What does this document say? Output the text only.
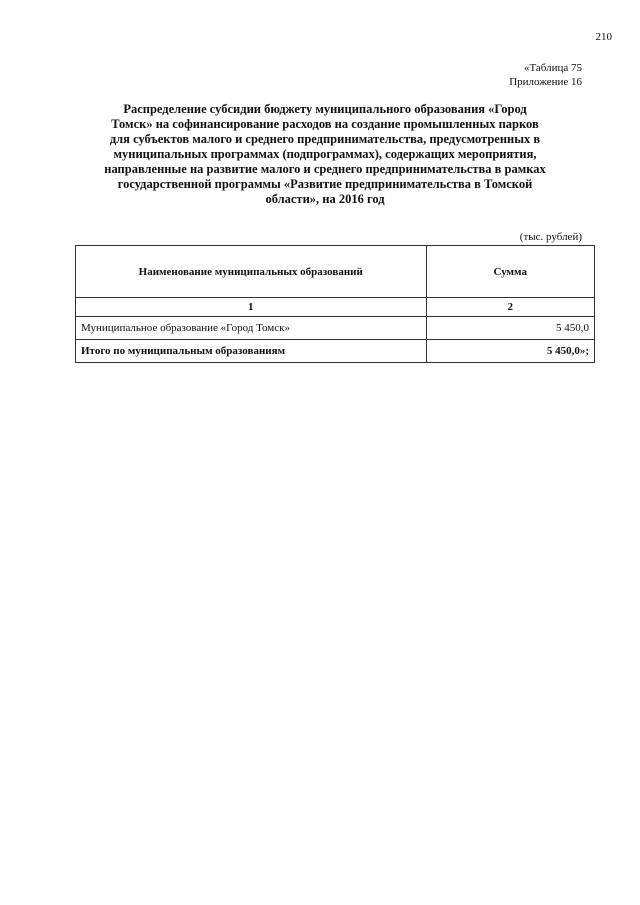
210
«Таблица 75
Приложение 16
Распределение субсидии бюджету муниципального образования «Город
Томск» на софинансирование расходов на создание промышленных парков
для субъектов малого и среднего предпринимательства, предусмотренных в
муниципальных программах (подпрограммах), содержащих мероприятия,
направленные на развитие малого и среднего предпринимательства в рамках
государственной программы «Развитие предпринимательства в Томской
области», на 2016 год
(тыс. рублей)
Наименование муниципальных образований	Сумма
1	2
Муниципальное образование «Город Томск»	5 450,0
Итого по муниципальным образованиям	5 450,0»;
